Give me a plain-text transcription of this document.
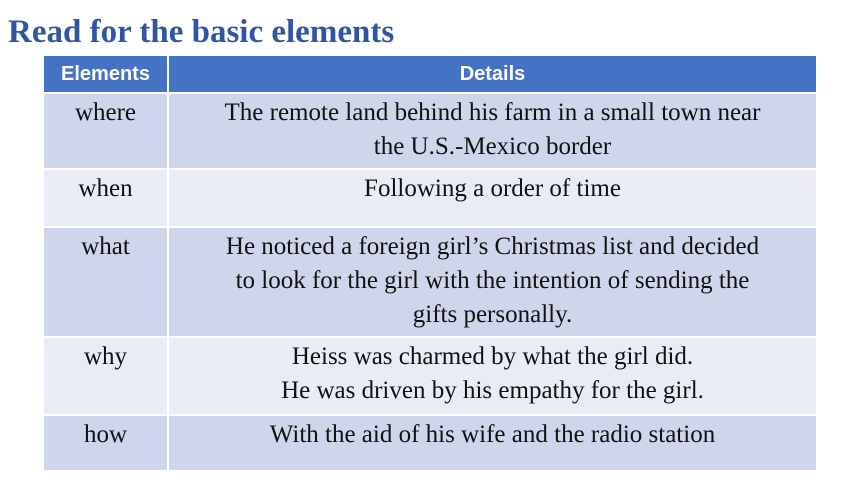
Read for the basic elements
Elements	Details
where	The remote land behind his farm in a small town near
the U.S.-Mexico border

when	Following a order of time

what	He noticed a foreign girl’s Christmas list and decided
to look for the girl with the intention of sending the
gifts personally.

why	Heiss was charmed by what the girl did.
He was driven by his empathy for the girl.

how	With the aid of his wife and the radio station
